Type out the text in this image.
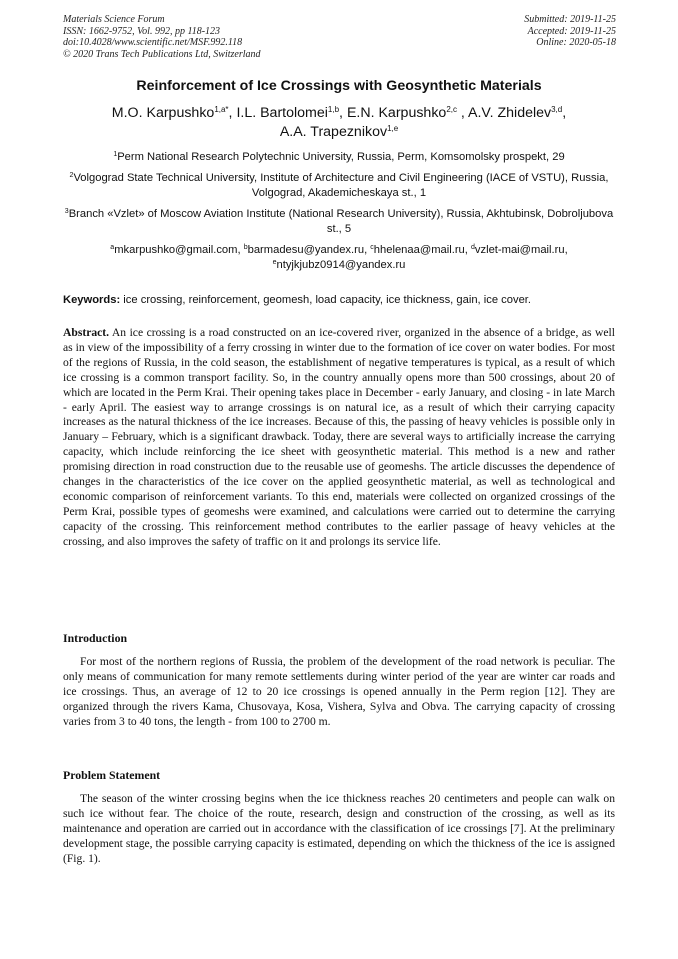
Materials Science Forum
ISSN: 1662-9752, Vol. 992, pp 118-123
doi:10.4028/www.scientific.net/MSF.992.118
© 2020 Trans Tech Publications Ltd, Switzerland
Submitted: 2019-11-25
Accepted: 2019-11-25
Online: 2020-05-18
Reinforcement of Ice Crossings with Geosynthetic Materials
M.O. Karpushko$^{1,a*}$, I.L. Bartolomei$^{1,b}$, E.N. Karpushko$^{2,c}$ , A.V. Zhidelev$^{3,d}$,
A.A. Trapeznikov$^{1,e}$
$^1$Perm National Research Polytechnic University, Russia, Perm, Komsomolsky prospekt, 29
$^2$Volgograd State Technical University, Institute of Architecture and Civil Engineering (IACE of VSTU), Russia, Volgograd, Akademicheskaya st., 1
$^3$Branch «Vzlet» of Moscow Aviation Institute (National Research University), Russia, Akhtubinsk, Dobroljubova st., 5
$^a$mkarpushko@gmail.com, $^b$barmadesu@yandex.ru, $^c$hhelenaa@mail.ru, $^d$vzlet-mai@mail.ru,
$^e$ntyjkjubz0914@yandex.ru
Keywords: ice crossing, reinforcement, geomesh, load capacity, ice thickness, gain, ice cover.
Abstract. An ice crossing is a road constructed on an ice-covered river, organized in the absence of a bridge, as well as in view of the impossibility of a ferry crossing in winter due to the formation of ice cover on water bodies. For most of the regions of Russia, in the cold season, the establishment of negative temperatures is typical, as a result of which ice crossing is a common transport facility. So, in the country annually opens more than 500 crossings, about 20 of which are located in the Perm Krai. Their opening takes place in December - early January, and closing - in late March - early April. The easiest way to arrange crossings is on natural ice, as a result of which their carrying capacity increases as the natural thickness of the ice increases. Because of this, the passing of heavy vehicles is possible only in January – February, which is a significant drawback. Today, there are several ways to artificially increase the carrying capacity, which include reinforcing the ice sheet with geosynthetic material. This method is a new and rather promising direction in road construction due to the reusable use of geomeshs. The article discusses the dependence of changes in the characteristics of the ice cover on the applied geosynthetic material, as well as technological and economic comparison of reinforcement variants. To this end, materials were collected on organized crossings of the Perm Krai, possible types of geomeshs were examined, and calculations were carried out to determine the carrying capacity of the crossing. This reinforcement method contributes to the earlier passage of heavy vehicles at the crossing, and also improves the safety of traffic on it and prolongs its service life.
Introduction
For most of the northern regions of Russia, the problem of the development of the road network is peculiar. The only means of communication for many remote settlements during winter period of the year are winter car roads and ice crossings. Thus, an average of 12 to 20 ice crossings is opened annually in the Perm region [12]. They are organized through the rivers Kama, Chusovaya, Kosa, Vishera, Sylva and Obva. The carrying capacity of crossing varies from 3 to 40 tons, the length - from 100 to 2700 m.
Problem Statement
The season of the winter crossing begins when the ice thickness reaches 20 centimeters and people can walk on such ice without fear. The choice of the route, research, design and construction of the crossing, as well as its maintenance and operation are carried out in accordance with the classification of ice crossings [7]. At the preliminary development stage, the possible carrying capacity is estimated, depending on which the thickness of the ice is assigned (Fig. 1).
